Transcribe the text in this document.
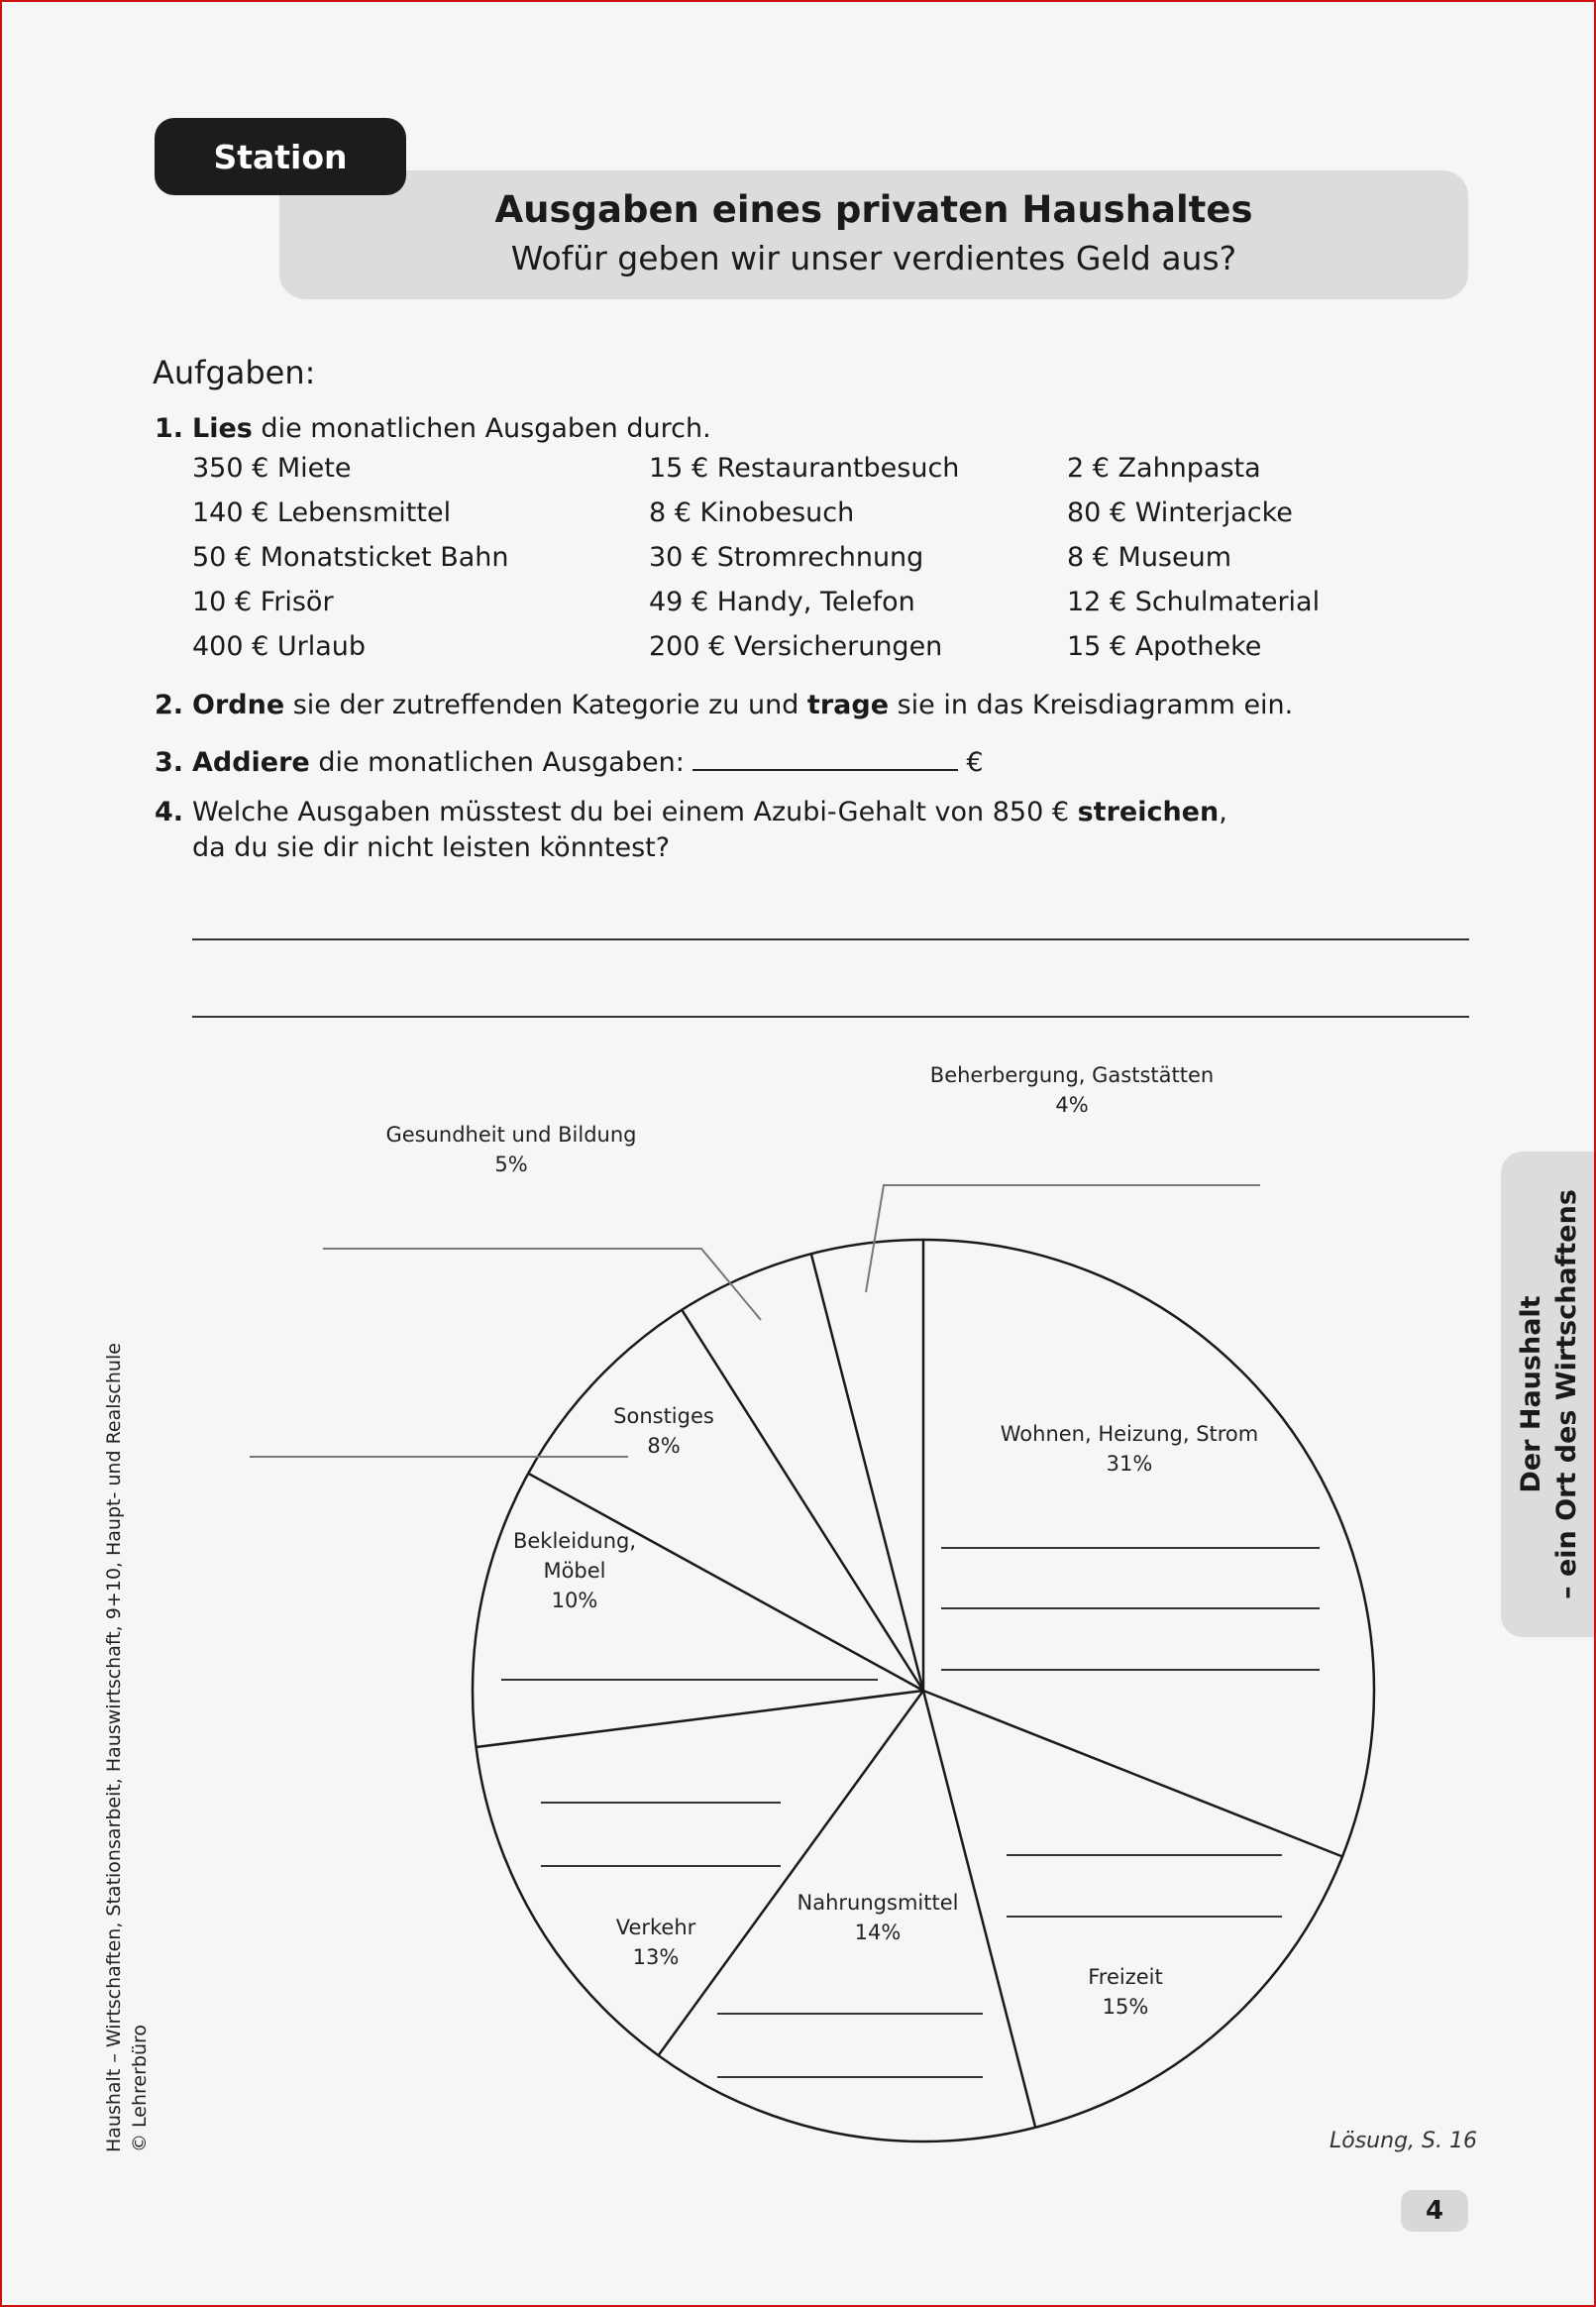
Ausgaben eines privaten Haushaltes
Wofür geben wir unser verdientes Geld aus?
Station
Aufgaben:
1. Lies die monatlichen Ausgaben durch.
350 € Miete
140 € Lebensmittel
50 € Monatsticket Bahn
10 € Frisör
400 € Urlaub
15 € Restaurantbesuch
8 € Kinobesuch
30 € Stromrechnung
49 € Handy, Telefon
200 € Versicherungen
2 € Zahnpasta
80 € Winterjacke
8 € Museum
12 € Schulmaterial
15 € Apotheke
2. Ordne sie der zutreffenden Kategorie zu und trage sie in das Kreisdiagramm ein.
3. Addiere die monatlichen Ausgaben:	€
4. Welche Ausgaben müsstest du bei einem Azubi-Gehalt von 850 € streichen,
da du sie dir nicht leisten könntest?
Wohnen, Heizung, Strom
31%
Freizeit
15%
Nahrungsmittel
14%
Verkehr
13%
Bekleidung, Möbel
10%
Sonstiges
8%
Gesundheit und Bildung
5%
Beherbergung, Gaststätten
4%
Der Haushalt – ein Ort des Wirtschaftens
Haushalt – Wirtschaften, Stationsarbeit, Hauswirtschaft, 9+10, Haupt- und Realschule © Lehrerbüro	Lösung, S. 16
4
